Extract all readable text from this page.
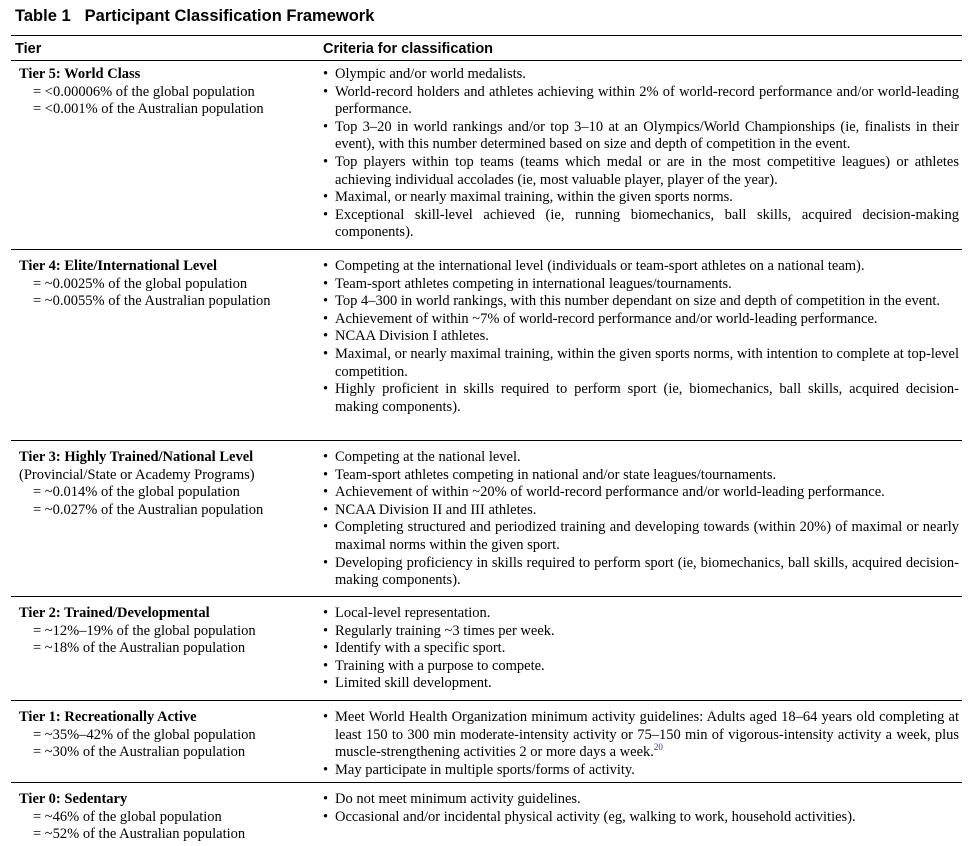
Table 1 Participant Classification Framework
Tier	Criteria for classification
Tier 5: World Class
= <0.00006% of the global population
= <0.001% of the Australian population
• Olympic and/or world medalists.
• World-record holders and athletes achieving within 2% of world-record performance and/or world-leading performance.
• Top 3–20 in world rankings and/or top 3–10 at an Olympics/World Championships (ie, finalists in their event), with this number determined based on size and depth of competition in the event.
• Top players within top teams (teams which medal or are in the most competitive leagues) or athletes achieving individual accolades (ie, most valuable player, player of the year).
• Maximal, or nearly maximal training, within the given sports norms.
• Exceptional skill-level achieved (ie, running biomechanics, ball skills, acquired decision-making components).
Tier 4: Elite/International Level
= ~0.0025% of the global population
= ~0.0055% of the Australian population
• Competing at the international level (individuals or team-sport athletes on a national team).
• Team-sport athletes competing in international leagues/tournaments.
• Top 4–300 in world rankings, with this number dependant on size and depth of competition in the event.
• Achievement of within ~7% of world-record performance and/or world-leading performance.
• NCAA Division I athletes.
• Maximal, or nearly maximal training, within the given sports norms, with intention to complete at top-level competition.
• Highly proficient in skills required to perform sport (ie, biomechanics, ball skills, acquired decision-making components).
Tier 3: Highly Trained/National Level
(Provincial/State or Academy Programs)
= ~0.014% of the global population
= ~0.027% of the Australian population
• Competing at the national level.
• Team-sport athletes competing in national and/or state leagues/tournaments.
• Achievement of within ~20% of world-record performance and/or world-leading performance.
• NCAA Division II and III athletes.
• Completing structured and periodized training and developing towards (within 20%) of maximal or nearly maximal norms within the given sport.
• Developing proficiency in skills required to perform sport (ie, biomechanics, ball skills, acquired decision-making components).
Tier 2: Trained/Developmental
= ~12%–19% of the global population
= ~18% of the Australian population
• Local-level representation.
• Regularly training ~3 times per week.
• Identify with a specific sport.
• Training with a purpose to compete.
• Limited skill development.
Tier 1: Recreationally Active
= ~35%–42% of the global population
= ~30% of the Australian population
• Meet World Health Organization minimum activity guidelines: Adults aged 18–64 years old completing at least 150 to 300 min moderate-intensity activity or 75–150 min of vigorous-intensity activity a week, plus muscle-strengthening activities 2 or more days a week.$^{20}$
• May participate in multiple sports/forms of activity.
Tier 0: Sedentary
= ~46% of the global population
= ~52% of the Australian population
• Do not meet minimum activity guidelines.
• Occasional and/or incidental physical activity (eg, walking to work, household activities).
